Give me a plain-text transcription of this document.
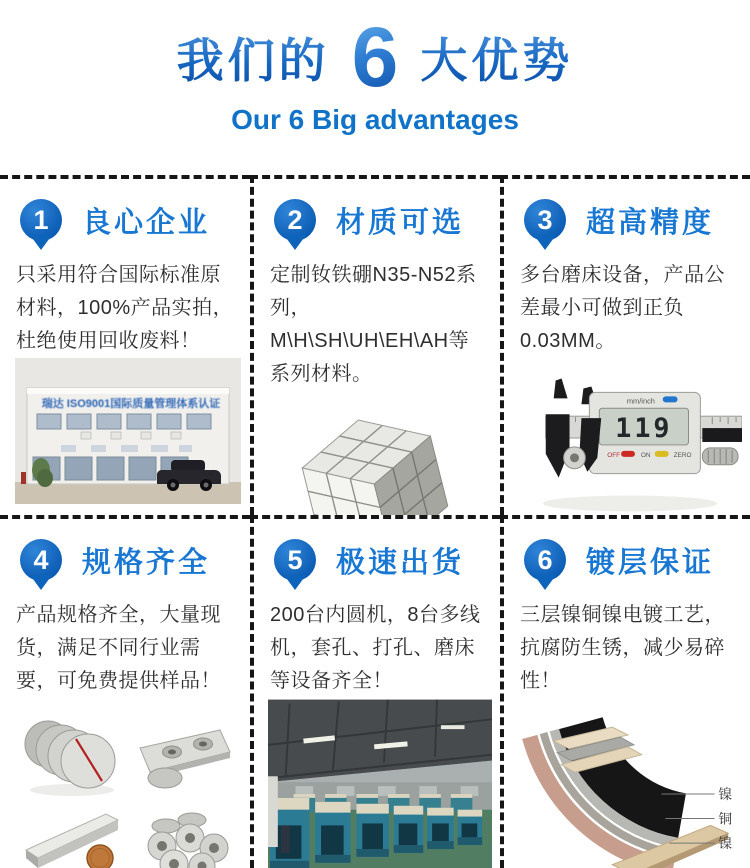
我们的 6 大优势
Our 6 Big advantages
1 良心企业

只采用符合国际标准原材料，100%产品实拍，杜绝使用回收废料！

瑞达 ISO9001国际质量管理体系认证
2 材质可选

定制钕铁硼N35-N52系列，M\H\SH\UH\EH\AH等系列材料。

3 超高精度

多台磨床设备，产品公差最小可做到正负0.03MM。

mm/inch
119
OFF	ON	ZERO
4 规格齐全

产品规格齐全，大量现货，满足不同行业需要，可免费提供样品！

5 极速出货

200台内圆机，8台多线机，套孔、打孔、磨床等设备齐全！

6 镀层保证

三层镍铜镍电镀工艺，抗腐防生锈，减少易碎性！

镍
铜
镍
